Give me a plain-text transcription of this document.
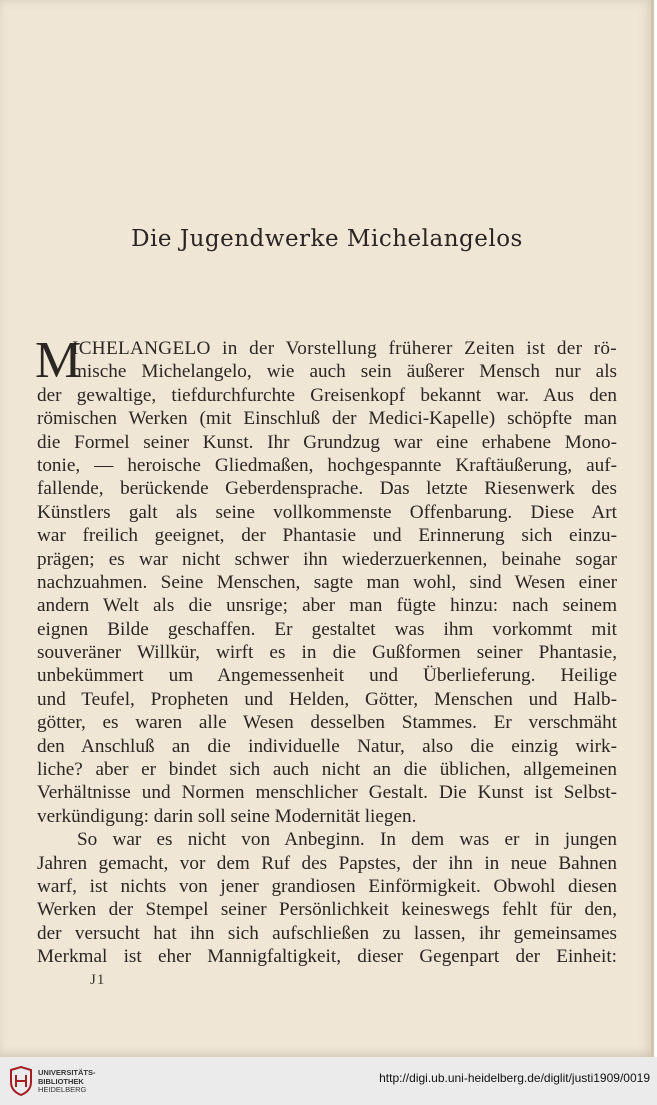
Die Jugendwerke Michelangelos
M
ICHELANGELO in der Vorstellung früherer Zeiten ist der rö-
mische Michelangelo, wie auch sein äußerer Mensch nur als
der gewaltige, tiefdurchfurchte Greisenkopf bekannt war. Aus den
römischen Werken (mit Einschluß der Medici-Kapelle) schöpfte man
die Formel seiner Kunst. Ihr Grundzug war eine erhabene Mono-
tonie, — heroische Gliedmaßen, hochgespannte Kraftäußerung, auf-
fallende, berückende Geberdensprache. Das letzte Riesenwerk des
Künstlers galt als seine vollkommenste Offenbarung. Diese Art
war freilich geeignet, der Phantasie und Erinnerung sich einzu-
prägen; es war nicht schwer ihn wiederzuerkennen, beinahe sogar
nachzuahmen. Seine Menschen, sagte man wohl, sind Wesen einer
andern Welt als die unsrige; aber man fügte hinzu: nach seinem
eignen Bilde geschaffen. Er gestaltet was ihm vorkommt mit
souveräner Willkür, wirft es in die Gußformen seiner Phantasie,
unbekümmert um Angemessenheit und Überlieferung. Heilige
und Teufel, Propheten und Helden, Götter, Menschen und Halb-
götter, es waren alle Wesen desselben Stammes. Er verschmäht
den Anschluß an die individuelle Natur, also die einzig wirk-
liche? aber er bindet sich auch nicht an die üblichen, allgemeinen
Verhältnisse und Normen menschlicher Gestalt. Die Kunst ist Selbst-
verkündigung: darin soll seine Modernität liegen.
So war es nicht von Anbeginn. In dem was er in jungen
Jahren gemacht, vor dem Ruf des Papstes, der ihn in neue Bahnen
warf, ist nichts von jener grandiosen Einförmigkeit. Obwohl diesen
Werken der Stempel seiner Persönlichkeit keineswegs fehlt für den,
der versucht hat ihn sich aufschließen zu lassen, ihr gemeinsames
Merkmal ist eher Mannigfaltigkeit, dieser Gegenpart der Einheit:
J1
UNIVERSITÄTS-
BIBLIOTHEK
HEIDELBERG
http://digi.ub.uni-heidelberg.de/diglit/justi1909/0019
